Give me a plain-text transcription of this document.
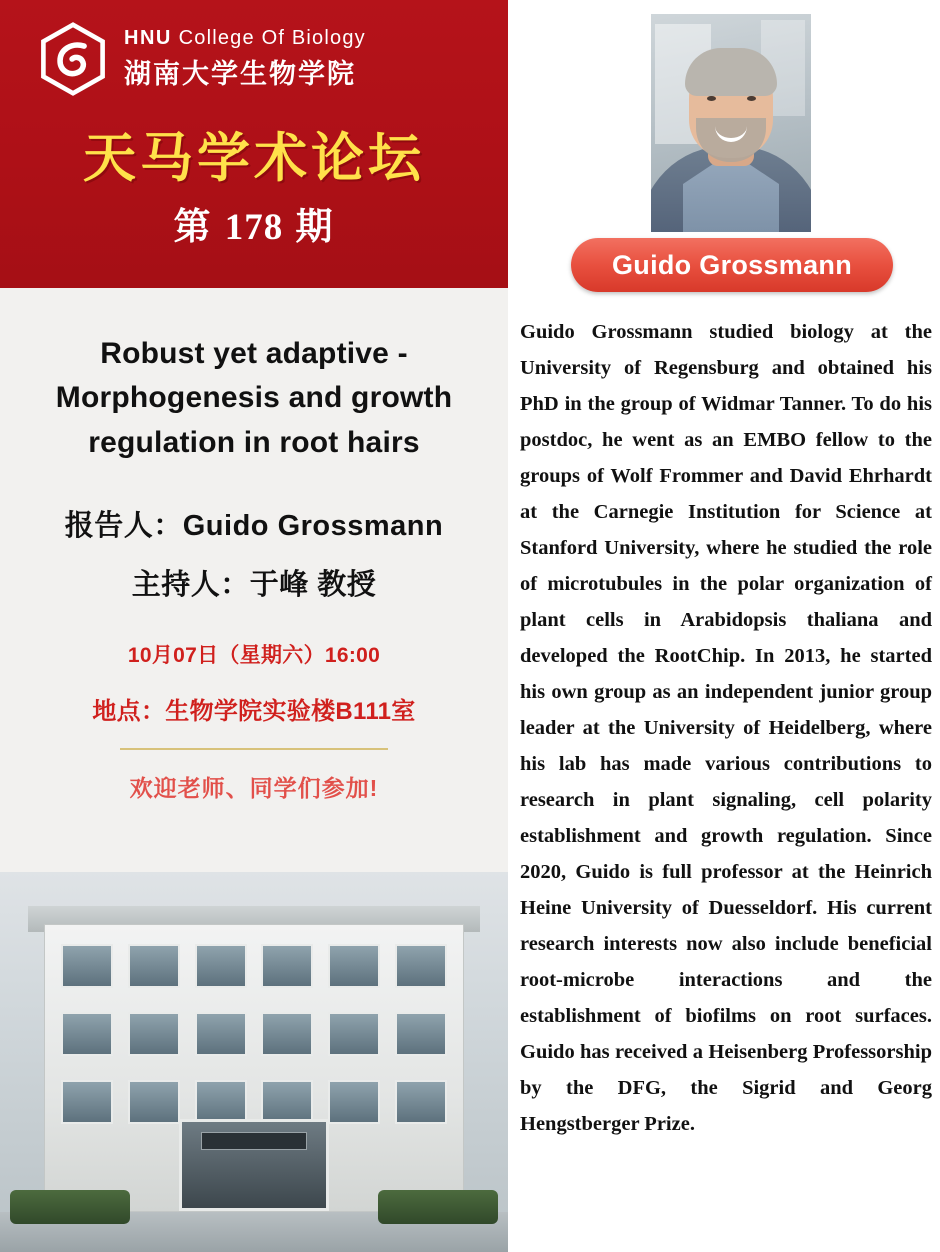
HNU College Of Biology
湖南大学生物学院
天马学术论坛
第 178 期
Robust yet adaptive - Morphogenesis and growth regulation in root hairs
报告人：Guido Grossmann
主持人：于峰 教授
10月07日（星期六）16:00
地点：生物学院实验楼B111室
欢迎老师、同学们参加!
Guido Grossmann
Guido Grossmann studied biology at the University of Regensburg and obtained his PhD in the group of Widmar Tanner. To do his postdoc, he went as an EMBO fellow to the groups of Wolf Frommer and David Ehrhardt at the Carnegie Institution for Science at Stanford University, where he studied the role of microtubules in the polar organization of plant cells in Arabidopsis thaliana and developed the RootChip. In 2013, he started his own group as an independent junior group leader at the University of Heidelberg, where his lab has made various contributions to research in plant signaling, cell polarity establishment and growth regulation. Since 2020, Guido is full professor at the Heinrich Heine University of Duesseldorf. His current research interests now also include beneficial root-microbe interactions and the establishment of biofilms on root surfaces. Guido has received a Heisenberg Professorship by the DFG, the Sigrid and Georg Hengstberger Prize.
